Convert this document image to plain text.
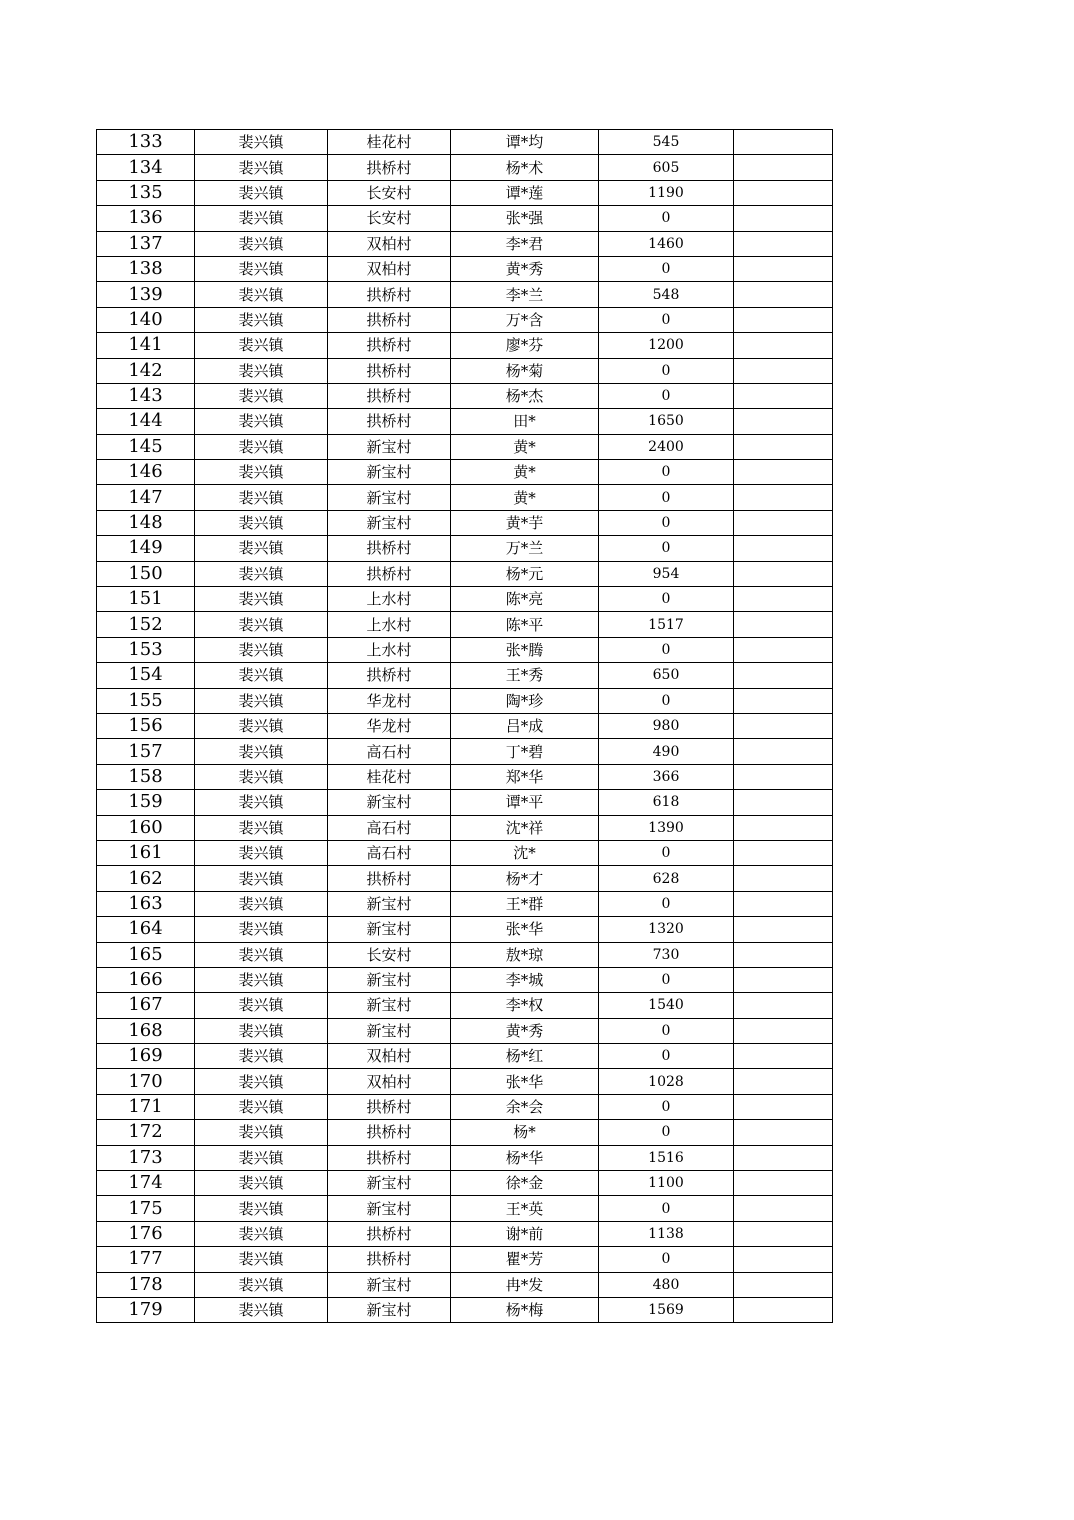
133	裴兴镇	桂花村	谭*均	545	
134	裴兴镇	拱桥村	杨*术	605	
135	裴兴镇	长安村	谭*莲	1190	
136	裴兴镇	长安村	张*强	0	
137	裴兴镇	双柏村	李*君	1460	
138	裴兴镇	双柏村	黄*秀	0	
139	裴兴镇	拱桥村	李*兰	548	
140	裴兴镇	拱桥村	万*含	0	
141	裴兴镇	拱桥村	廖*芬	1200	
142	裴兴镇	拱桥村	杨*菊	0	
143	裴兴镇	拱桥村	杨*杰	0	
144	裴兴镇	拱桥村	田*	1650	
145	裴兴镇	新宝村	黄*	2400	
146	裴兴镇	新宝村	黄*	0	
147	裴兴镇	新宝村	黄*	0	
148	裴兴镇	新宝村	黄*芋	0	
149	裴兴镇	拱桥村	万*兰	0	
150	裴兴镇	拱桥村	杨*元	954	
151	裴兴镇	上水村	陈*亮	0	
152	裴兴镇	上水村	陈*平	1517	
153	裴兴镇	上水村	张*腾	0	
154	裴兴镇	拱桥村	王*秀	650	
155	裴兴镇	华龙村	陶*珍	0	
156	裴兴镇	华龙村	吕*成	980	
157	裴兴镇	高石村	丁*碧	490	
158	裴兴镇	桂花村	郑*华	366	
159	裴兴镇	新宝村	谭*平	618	
160	裴兴镇	高石村	沈*祥	1390	
161	裴兴镇	高石村	沈*	0	
162	裴兴镇	拱桥村	杨*才	628	
163	裴兴镇	新宝村	王*群	0	
164	裴兴镇	新宝村	张*华	1320	
165	裴兴镇	长安村	敖*琼	730	
166	裴兴镇	新宝村	李*城	0	
167	裴兴镇	新宝村	李*权	1540	
168	裴兴镇	新宝村	黄*秀	0	
169	裴兴镇	双柏村	杨*红	0	
170	裴兴镇	双柏村	张*华	1028	
171	裴兴镇	拱桥村	余*会	0	
172	裴兴镇	拱桥村	杨*	0	
173	裴兴镇	拱桥村	杨*华	1516	
174	裴兴镇	新宝村	徐*金	1100	
175	裴兴镇	新宝村	王*英	0	
176	裴兴镇	拱桥村	谢*前	1138	
177	裴兴镇	拱桥村	瞿*芳	0	
178	裴兴镇	新宝村	冉*发	480	
179	裴兴镇	新宝村	杨*梅	1569	
